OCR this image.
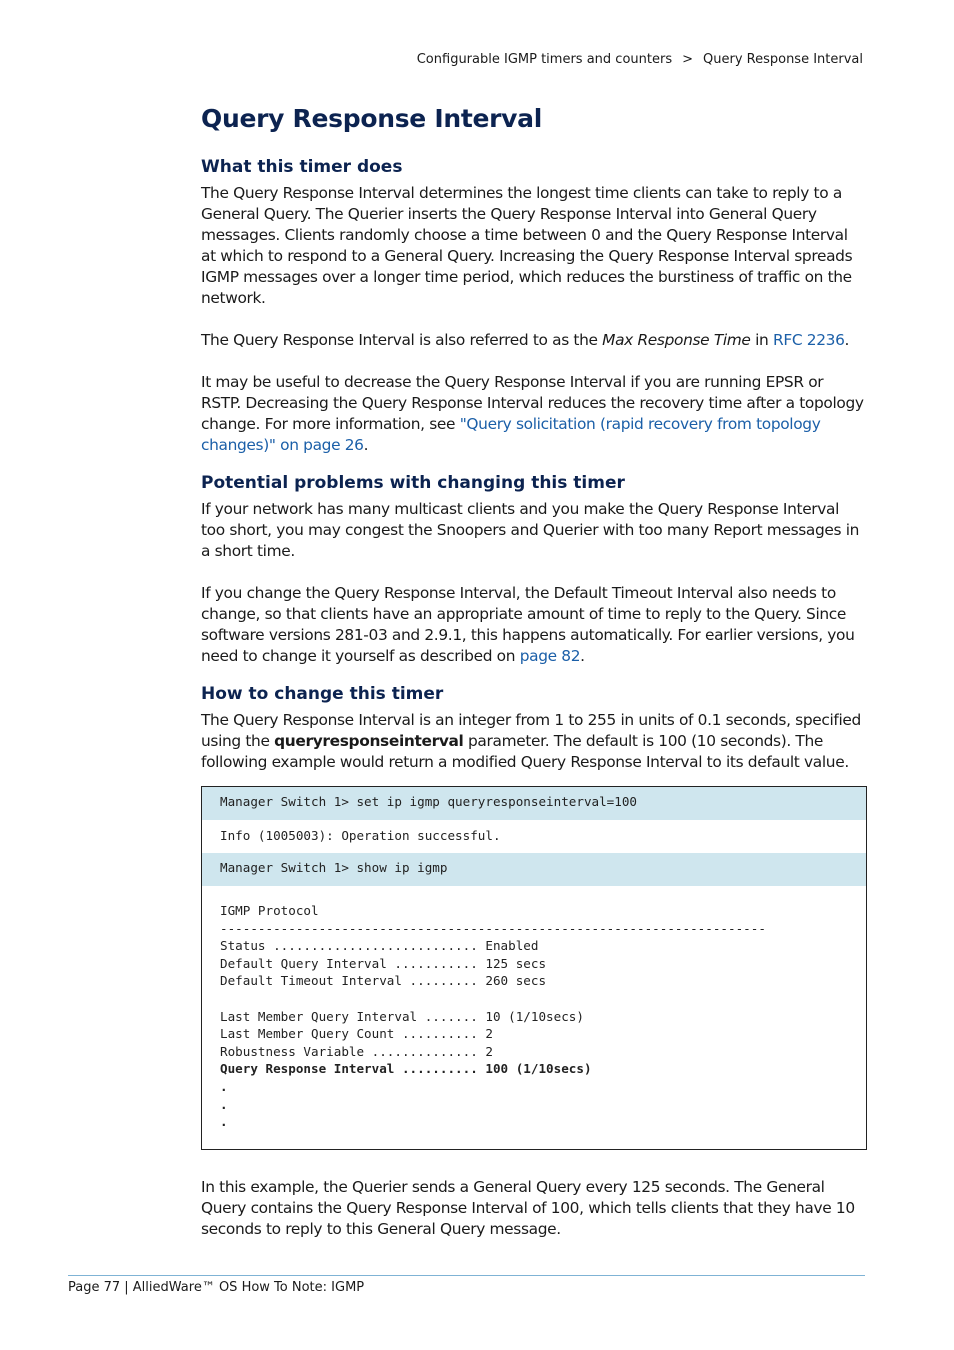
Configurable IGMP timers and counters > Query Response Interval
Query Response Interval
What this timer does

The Query Response Interval determines the longest time clients can take to reply to a General Query. The Querier inserts the Query Response Interval into General Query messages. Clients randomly choose a time between 0 and the Query Response Interval at which to respond to a General Query. Increasing the Query Response Interval spreads IGMP messages over a longer time period, which reduces the burstiness of traffic on the network.

The Query Response Interval is also referred to as the Max Response Time in RFC 2236.

It may be useful to decrease the Query Response Interval if you are running EPSR or RSTP. Decreasing the Query Response Interval reduces the recovery time after a topology change. For more information, see "Query solicitation (rapid recovery from topology changes)" on page 26.

Potential problems with changing this timer

If your network has many multicast clients and you make the Query Response Interval too short, you may congest the Snoopers and Querier with too many Report messages in a short time.

If you change the Query Response Interval, the Default Timeout Interval also needs to change, so that clients have an appropriate amount of time to reply to the Query. Since software versions 281-03 and 2.9.1, this happens automatically. For earlier versions, you need to change it yourself as described on page 82.

How to change this timer

The Query Response Interval is an integer from 1 to 255 in units of 0.1 seconds, specified using the queryresponseinterval parameter. The default is 100 (10 seconds). The following example would return a modified Query Response Interval to its default value.

Manager Switch 1> set ip igmp queryresponseinterval=100
Info (1005003): Operation successful.
Manager Switch 1> show ip igmp
IGMP Protocol
------------------------------------------------------------------------
Status ........................... Enabled
Default Query Interval ........... 125 secs
Default Timeout Interval ......... 260 secs
Last Member Query Interval ....... 10 (1/10secs)
Last Member Query Count .......... 2
Robustness Variable .............. 2
Query Response Interval .......... 100 (1/10secs)
.
.
.

In this example, the Querier sends a General Query every 125 seconds. The General Query contains the Query Response Interval of 100, which tells clients that they have 10 seconds to reply to this General Query message.

Page 77 | AlliedWare™ OS How To Note: IGMP
